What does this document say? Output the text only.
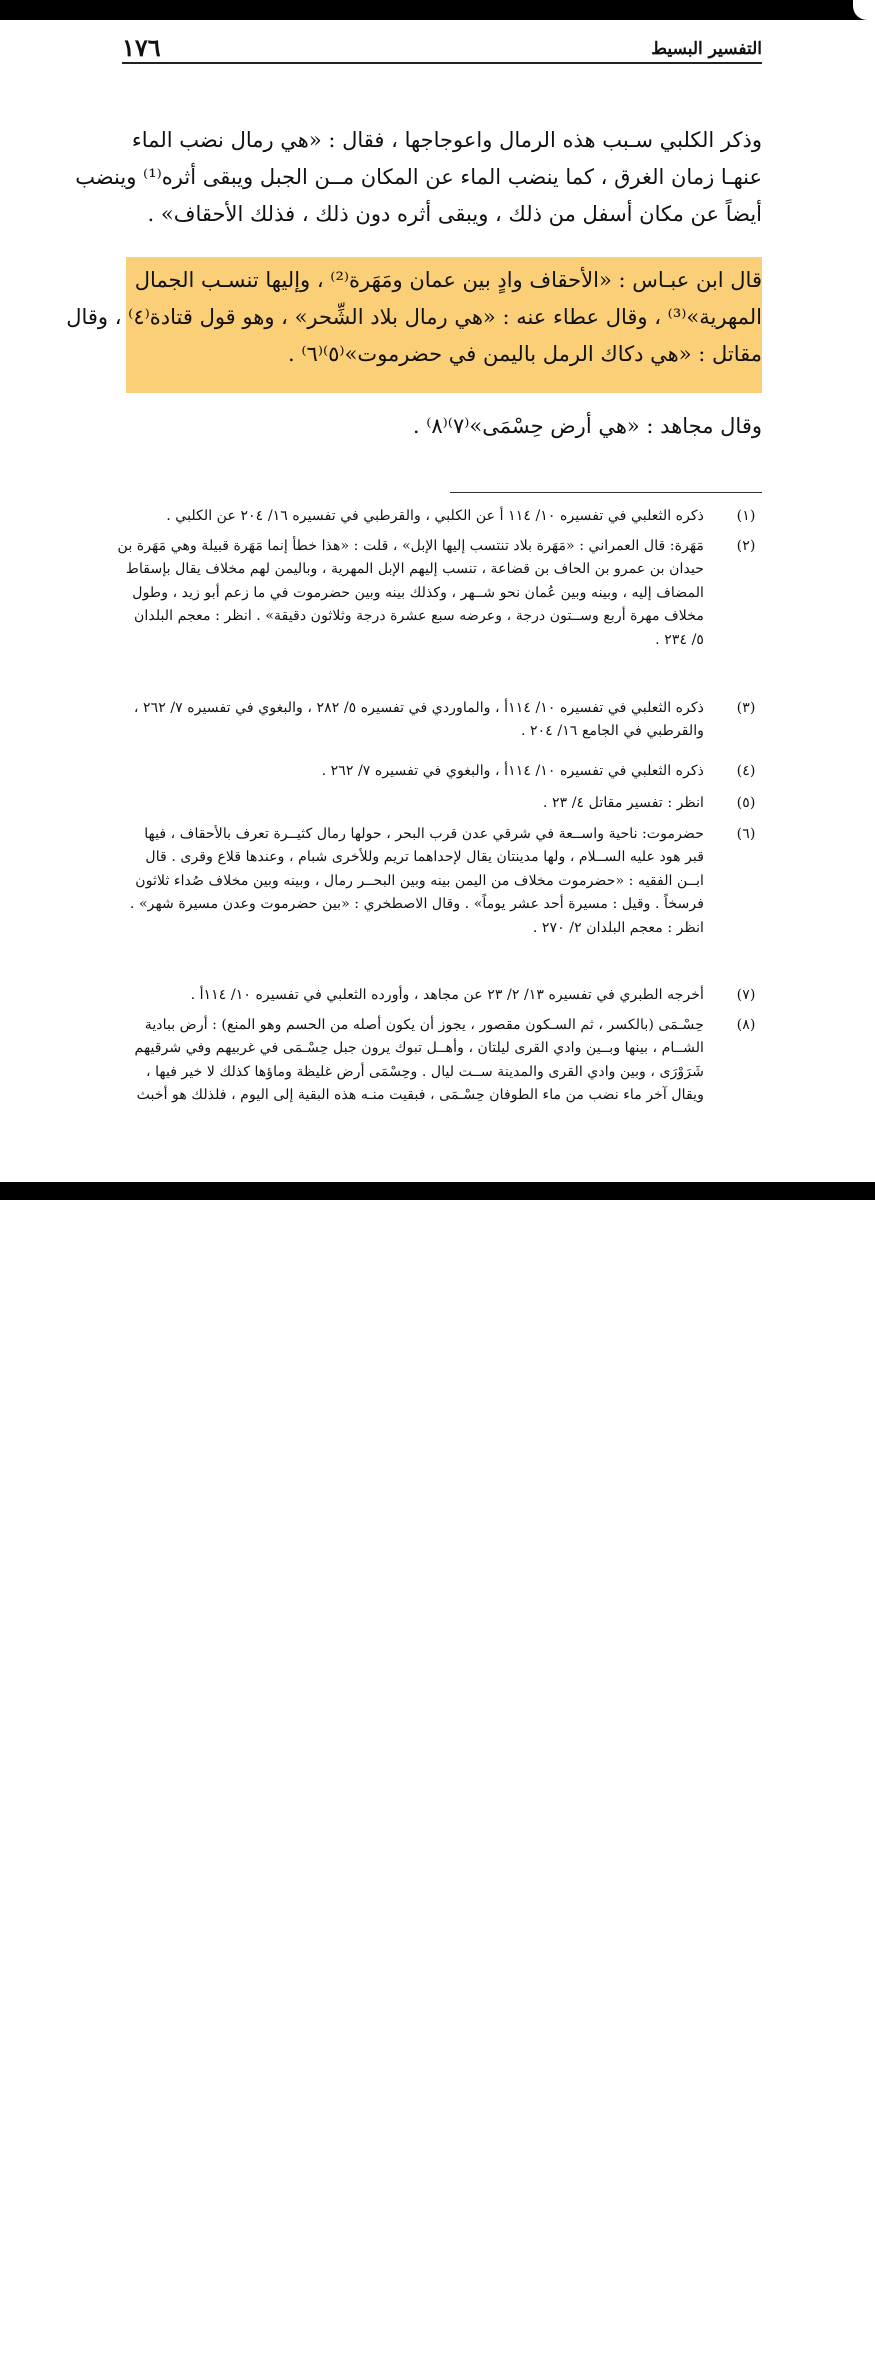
١٧٦	التفسير البسيط
وذكر الكلبي سـبب هذه الرمال واعوجاجها ، فقال : «هي رمال نضب الماء
عنهـا زمان الغرق ، كما ينضب الماء عن المكان مــن الجبل ويبقى أثره⁽¹⁾ وينضب
أيضاً عن مكان أسفل من ذلك ، ويبقى أثره دون ذلك ، فذلك الأحقاف» .
قال ابن عبـاس : «الأحقاف وادٍ بين عمان ومَهَرة⁽²⁾ ، وإليها تنسـب الجمال
المهرية»⁽³⁾ ، وقال عطاء عنه : «هي رمال بلاد الشِّحر» ، وهو قول قتادة⁽٤⁾ ، وقال
مقاتل : «هي دكاك الرمل باليمن في حضرموت»⁽٥⁾⁽٦⁾ .
وقال مجاهد : «هي أرض حِسْمَى»⁽٧⁾⁽٨⁾ .
(١)
ذكره الثعلبي في تفسيره ١٠/ ١١٤ أ عن الكلبي ، والقرطبي في تفسيره ١٦/ ٢٠٤ عن الكلبي .
(٢)
مَهَرة: قال العمراني : «مَهَرة بلاد تنتسب إليها الإبل» ، قلت : «هذا خطأ إنما مَهَرة قبيلة وهي مَهَرة بن
حيدان بن عمرو بن الحاف بن قضاعة ، تنسب إليهم الإبل المهرية ، وباليمن لهم مخلاف يقال بإسقاط
المضاف إليه ، وبينه وبين عُمان نحو شــهر ، وكذلك بينه وبين حضرموت في ما زعم أبو زيد ، وطول
مخلاف مهرة أربع وســتون درجة ، وعرضه سبع عشرة درجة وثلاثون دقيقة» . انظر : معجم البلدان
٥/ ٢٣٤ .
(٣)
ذكره الثعلبي في تفسيره ١٠/ ١١٤أ ، والماوردي في تفسيره ٥/ ٢٨٢ ، والبغوي في تفسيره ٧/ ٢٦٢ ،
والقرطبي في الجامع ١٦/ ٢٠٤ .
(٤)
ذكره الثعلبي في تفسيره ١٠/ ١١٤أ ، والبغوي في تفسيره ٧/ ٢٦٢ .
(٥)
انظر : تفسير مقاتل ٤/ ٢٣ .
(٦)
حضرموت: ناحية واســعة في شرقي عدن قرب البحر ، حولها رمال كثيــرة تعرف بالأحقاف ، فيها
قبر هود عليه الســلام ، ولها مدينتان يقال لإحداهما تريم وللأخرى شبام ، وعندها قلاع وقرى . قال
ابــن الفقيه : «حضرموت مخلاف من اليمن بينه وبين البحــر رمال ، وبينه وبين مخلاف صُداء ثلاثون
فرسخاً . وقيل : مسيرة أحد عشر يوماً» . وقال الاصطخري : «بين حضرموت وعدن مسيرة شهر» .
انظر : معجم البلدان ٢/ ٢٧٠ .
(٧)
أخرجه الطبري في تفسيره ١٣/ ٢/ ٢٣ عن مجاهد ، وأورده الثعلبي في تفسيره ١٠/ ١١٤أ .
(٨)
حِسْـمَى (بالكسر ، ثم السـكون مقصور ، يجوز أن يكون أصله من الحسم وهو المنع) : أرض ببادية
الشــام ، بينها وبــين وادي القرى ليلتان ، وأهــل تبوك يرون جبل حِسْـمَى في غربيهم وفي شرقيهم
شَرَوْرَى ، وبين وادي القرى والمدينة ســت ليال . وحِسْمَى أرض غليظة وماؤها كذلك لا خير فيها ،
ويقال آخر ماء نضب من ماء الطوفان حِسْـمَى ، فبقيت منـه هذه البقية إلى اليوم ، فلذلك هو أخبث
